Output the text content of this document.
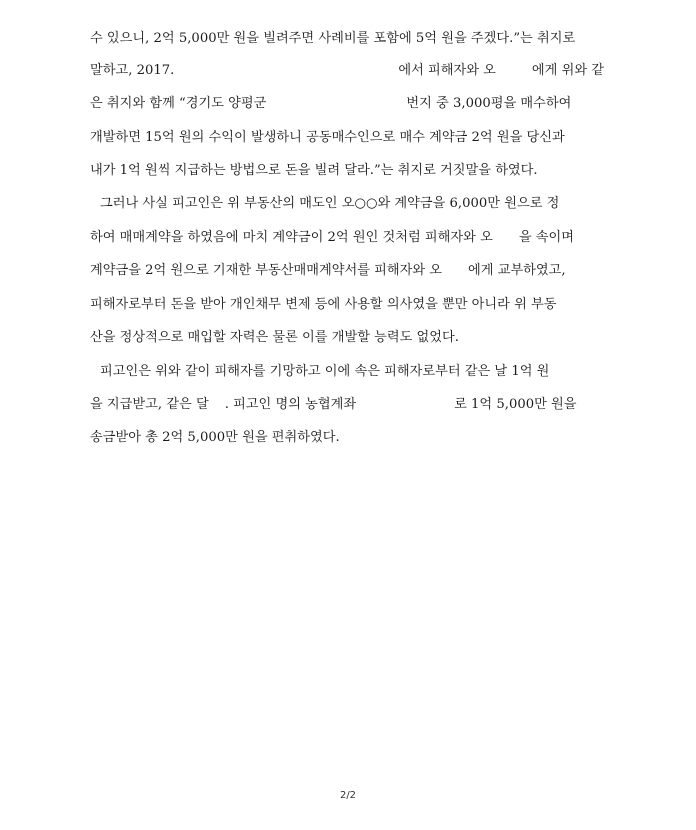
수 있으니, 2억 5,000만 원을 빌려주면 사례비를 포함에 5억 원을 주겠다.”는 취지로
말하고, 2017.	에서 피해자와 오	에게 위와 같
은 취지와 함께 “경기도 양평군	번지 중 3,000평을 매수하여
개발하면 15억 원의 수익이 발생하니 공동매수인으로 매수 계약금 2억 원을 당신과
내가 1억 원씩 지급하는 방법으로 돈을 빌려 달라.”는 취지로 거짓말을 하였다.
그러나 사실 피고인은 위 부동산의 매도인 오○○와 계약금을 6,000만 원으로 정
하여 매매계약을 하였음에 마치 계약금이 2억 원인 것처럼 피해자와 오 을 속이며
계약금을 2억 원으로 기재한 부동산매매계약서를 피해자와 오 에게 교부하였고,
피해자로부터 돈을 받아 개인채무 변제 등에 사용할 의사였을 뿐만 아니라 위 부동
산을 정상적으로 매입할 자력은 물론 이를 개발할 능력도 없었다.
피고인은 위와 같이 피해자를 기망하고 이에 속은 피해자로부터 같은 날 1억 원
을 지급받고, 같은 달 . 피고인 명의 농협계좌	로 1억 5,000만 원을
송금받아 총 2억 5,000만 원을 편취하였다.
2/2
